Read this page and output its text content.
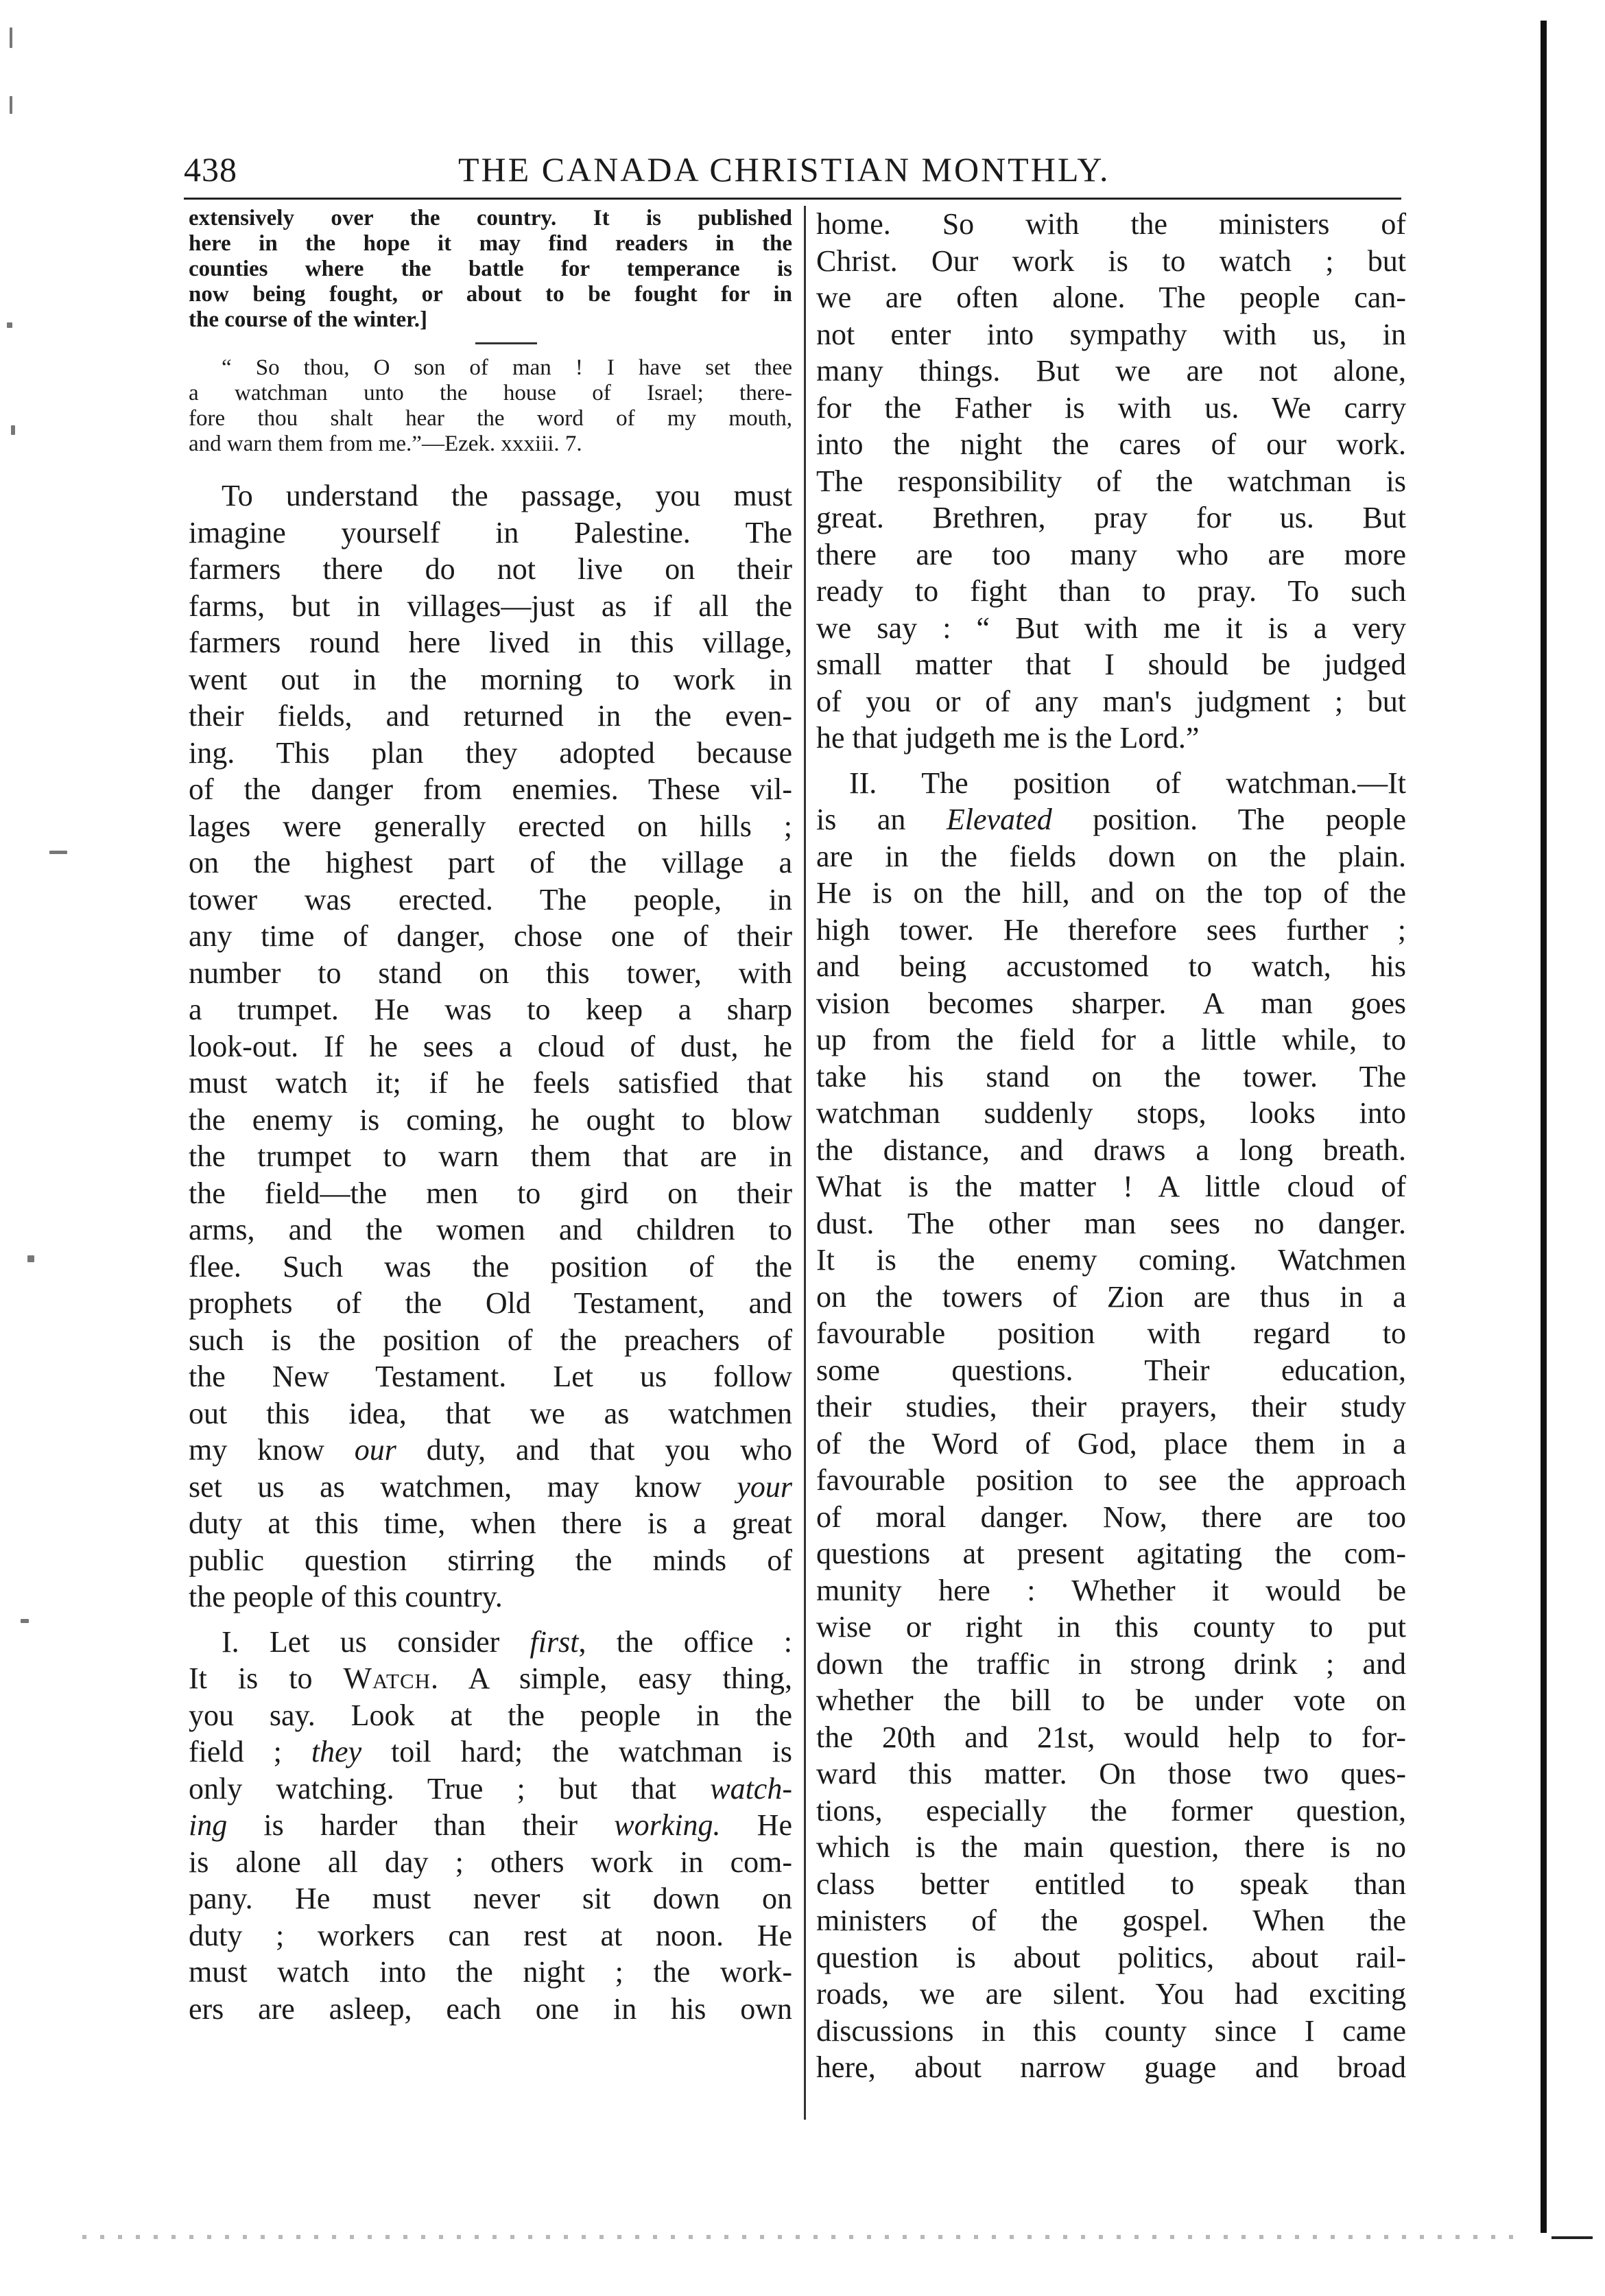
438	THE CANADA CHRISTIAN MONTHLY.
extensively over the country. It is published
here in the hope it may find readers in the
counties where the battle for temperance is
now being fought, or about to be fought for in
the course of the winter.]
“ So thou, O son of man ! I have set thee
a watchman unto the house of Israel; there-
fore thou shalt hear the word of my mouth,
and warn them from me.”—Ezek. xxxiii. 7.
To understand the passage, you must
imagine yourself in Palestine. The
farmers there do not live on their
farms, but in villages—just as if all the
farmers round here lived in this village,
went out in the morning to work in
their fields, and returned in the even-
ing. This plan they adopted because
of the danger from enemies. These vil-
lages were generally erected on hills ;
on the highest part of the village a
tower was erected. The people, in
any time of danger, chose one of their
number to stand on this tower, with
a trumpet. He was to keep a sharp
look-out. If he sees a cloud of dust, he
must watch it; if he feels satisfied that
the enemy is coming, he ought to blow
the trumpet to warn them that are in
the field—the men to gird on their
arms, and the women and children to
flee. Such was the position of the
prophets of the Old Testament, and
such is the position of the preachers of
the New Testament. Let us follow
out this idea, that we as watchmen
my know our duty, and that you who
set us as watchmen, may know your
duty at this time, when there is a great
public question stirring the minds of
the people of this country.
I. Let us consider first, the office :
It is to Watch. A simple, easy thing,
you say. Look at the people in the
field ; they toil hard; the watchman is
only watching. True ; but that watch-
ing is harder than their working. He
is alone all day ; others work in com-
pany. He must never sit down on
duty ; workers can rest at noon. He
must watch into the night ; the work-
ers are asleep, each one in his own
home. So with the ministers of
Christ. Our work is to watch ; but
we are often alone. The people can-
not enter into sympathy with us, in
many things. But we are not alone,
for the Father is with us. We carry
into the night the cares of our work.
The responsibility of the watchman is
great. Brethren, pray for us. But
there are too many who are more
ready to fight than to pray. To such
we say : “ But with me it is a very
small matter that I should be judged
of you or of any man's judgment ; but
he that judgeth me is the Lord.”
II. The position of watchman.—It
is an Elevated position. The people
are in the fields down on the plain.
He is on the hill, and on the top of the
high tower. He therefore sees further ;
and being accustomed to watch, his
vision becomes sharper. A man goes
up from the field for a little while, to
take his stand on the tower. The
watchman suddenly stops, looks into
the distance, and draws a long breath.
What is the matter ! A little cloud of
dust. The other man sees no danger.
It is the enemy coming. Watchmen
on the towers of Zion are thus in a
favourable position with regard to
some questions. Their education,
their studies, their prayers, their study
of the Word of God, place them in a
favourable position to see the approach
of moral danger. Now, there are too
questions at present agitating the com-
munity here : Whether it would be
wise or right in this county to put
down the traffic in strong drink ; and
whether the bill to be under vote on
the 20th and 21st, would help to for-
ward this matter. On those two ques-
tions, especially the former question,
which is the main question, there is no
class better entitled to speak than
ministers of the gospel. When the
question is about politics, about rail-
roads, we are silent. You had exciting
discussions in this county since I came
here, about narrow guage and broad
